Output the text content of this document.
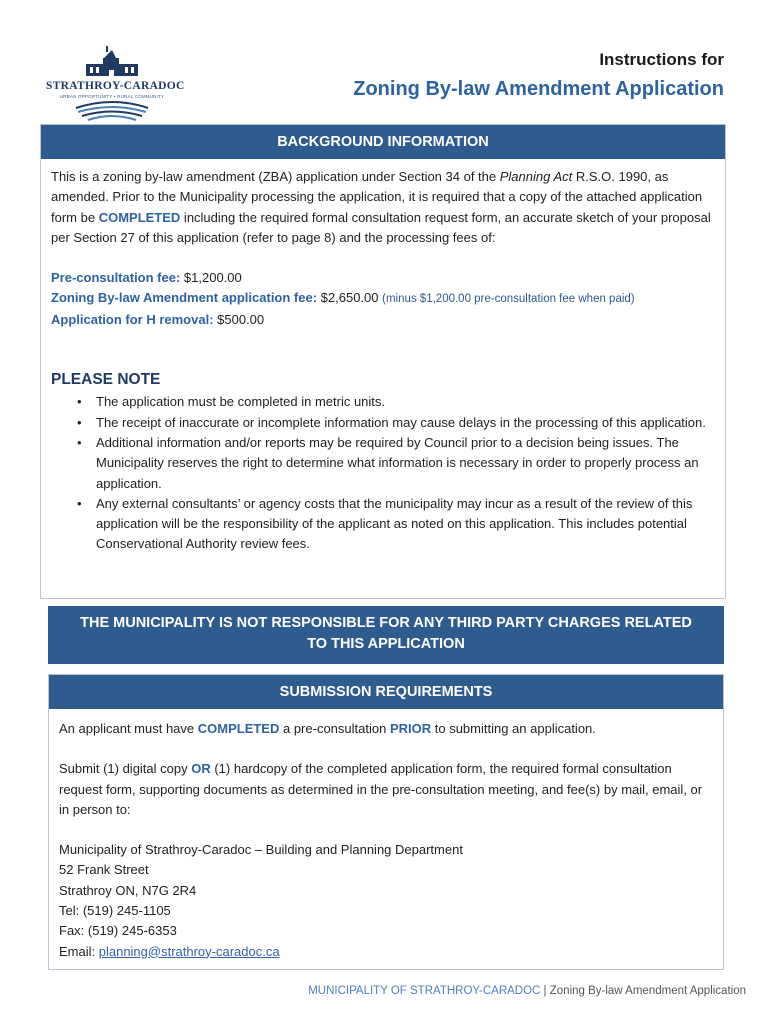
STRATHROY-CARADOC
URBAN OPPORTUNITY • RURAL COMMUNITY
Instructions for
Zoning By-law Amendment Application
BACKGROUND INFORMATION

This is a zoning by-law amendment (ZBA) application under Section 34 of the Planning Act R.S.O. 1990, as amended. Prior to the Municipality processing the application, it is required that a copy of the attached application form be COMPLETED including the required formal consultation request form, an accurate sketch of your proposal per Section 27 of this application (refer to page 8) and the processing fees of:

Pre-consultation fee: $1,200.00
Zoning By-law Amendment application fee: $2,650.00 (minus $1,200.00 pre-consultation fee when paid)
Application for H removal: $500.00
PLEASE NOTE
• The application must be completed in metric units.
• The receipt of inaccurate or incomplete information may cause delays in the processing of this application.
• Additional information and/or reports may be required by Council prior to a decision being issues. The Municipality reserves the right to determine what information is necessary in order to properly process an application.
• Any external consultants’ or agency costs that the municipality may incur as a result of the review of this application will be the responsibility of the applicant as noted on this application. This includes potential Conservational Authority review fees.
THE MUNICIPALITY IS NOT RESPONSIBLE FOR ANY THIRD PARTY CHARGES RELATED
TO THIS APPLICATION
SUBMISSION REQUIREMENTS

An applicant must have COMPLETED a pre-consultation PRIOR to submitting an application.

Submit (1) digital copy OR (1) hardcopy of the completed application form, the required formal consultation request form, supporting documents as determined in the pre-consultation meeting, and fee(s) by mail, email, or in person to:

Municipality of Strathroy-Caradoc – Building and Planning Department
52 Frank Street
Strathroy ON, N7G 2R4
Tel: (519) 245-1105
Fax: (519) 245-6353
Email: planning@strathroy-caradoc.ca
MUNICIPALITY OF STRATHROY-CARADOC | Zoning By-law Amendment Application
